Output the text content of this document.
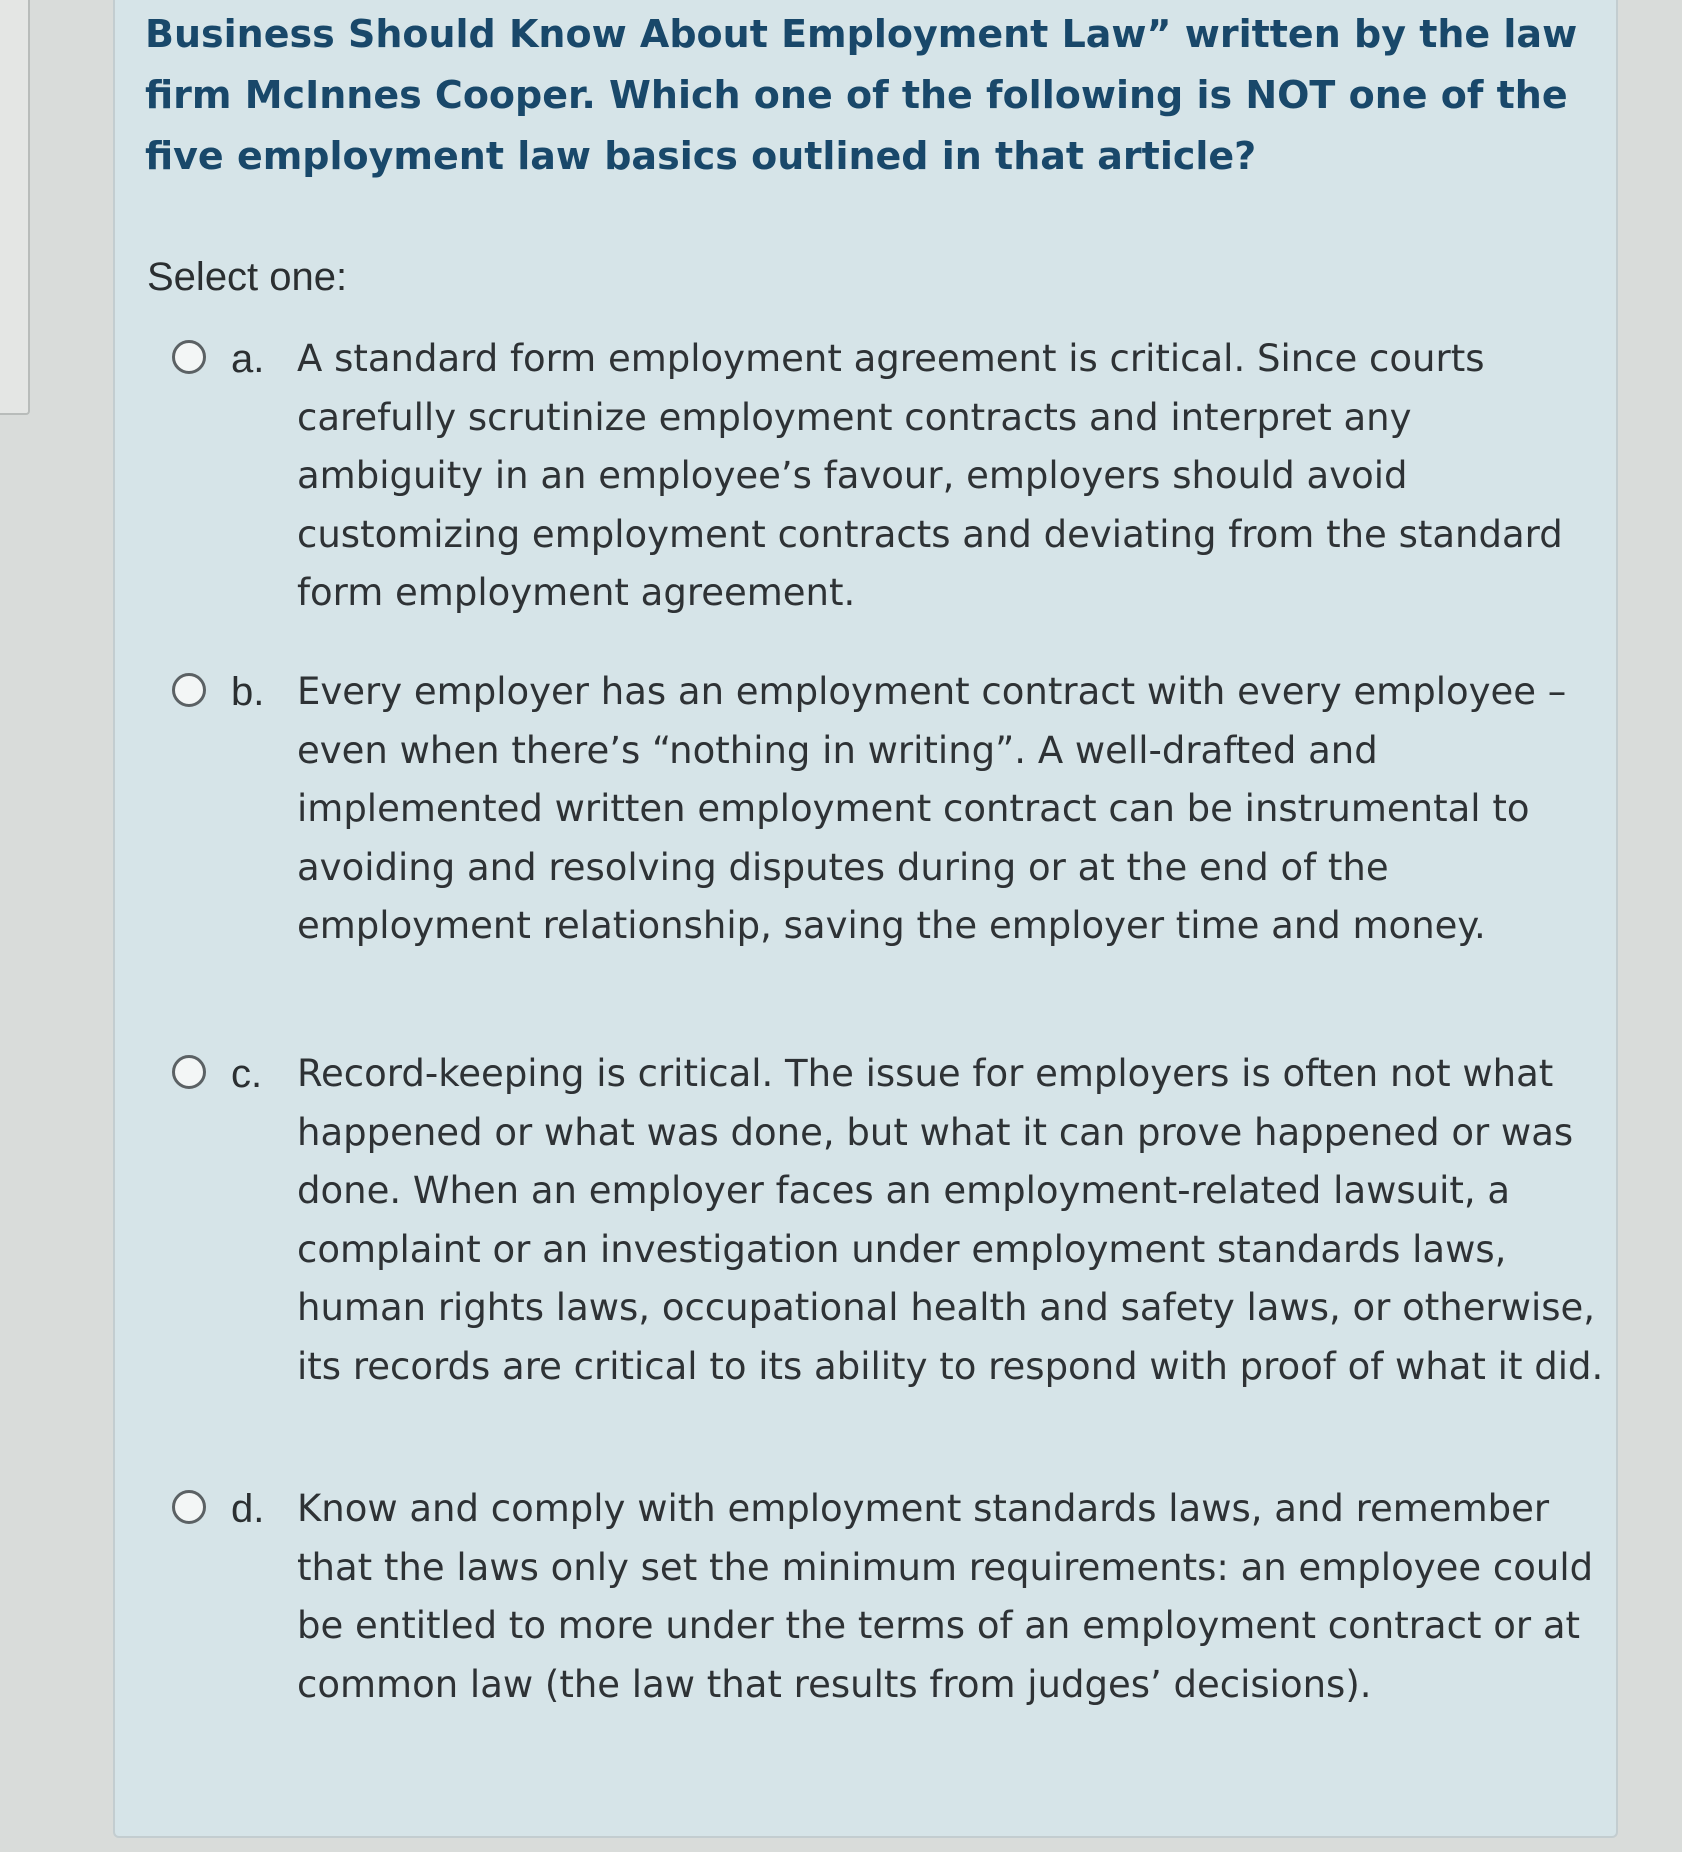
Business Should Know About Employment Law” written by the law firm McInnes Cooper. Which one of the following is NOT one of the five employment law basics outlined in that article?

Select one:
a. A standard form employment agreement is critical. Since courts carefully scrutinize employment contracts and interpret any ambiguity in an employee’s favour, employers should avoid customizing employment contracts and deviating from the standard form employment agreement.

b. Every employer has an employment contract with every employee – even when there’s “nothing in writing”. A well-drafted and implemented written employment contract can be instrumental to avoiding and resolving disputes during or at the end of the employment relationship, saving the employer time and money.

c. Record-keeping is critical. The issue for employers is often not what happened or what was done, but what it can prove happened or was done. When an employer faces an employment-related lawsuit, a complaint or an investigation under employment standards laws, human rights laws, occupational health and safety laws, or otherwise, its records are critical to its ability to respond with proof of what it did.

d. Know and comply with employment standards laws, and remember that the laws only set the minimum requirements: an employee could be entitled to more under the terms of an employment contract or at common law (the law that results from judges’ decisions).
